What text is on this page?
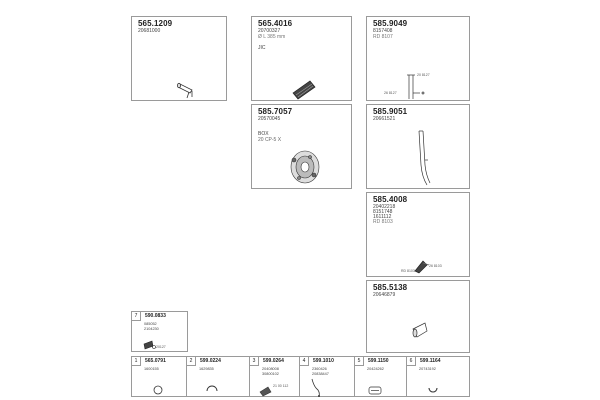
565.1209
20681000
565.4016
20700327
Ø L 385 mm
JIC
585.9049
8157408
RD 8107
20 8127
26 8127
585.7057
20570045
BOX
20 CP-5 X
585.9051
20661521
585.4008
20402218
8151748
1611112
RD 8103
26 8103
RD 8103
585.5138
20646879
7	590.0833
085052
2104230
20127
1	565.0791
1600155
2	599.0224
1629835
3	599.0264
20408008
30800102
21 00 112
4	599.1010
2360426
20838447
5	599.1150
20424262
6	599.1164
20743192
